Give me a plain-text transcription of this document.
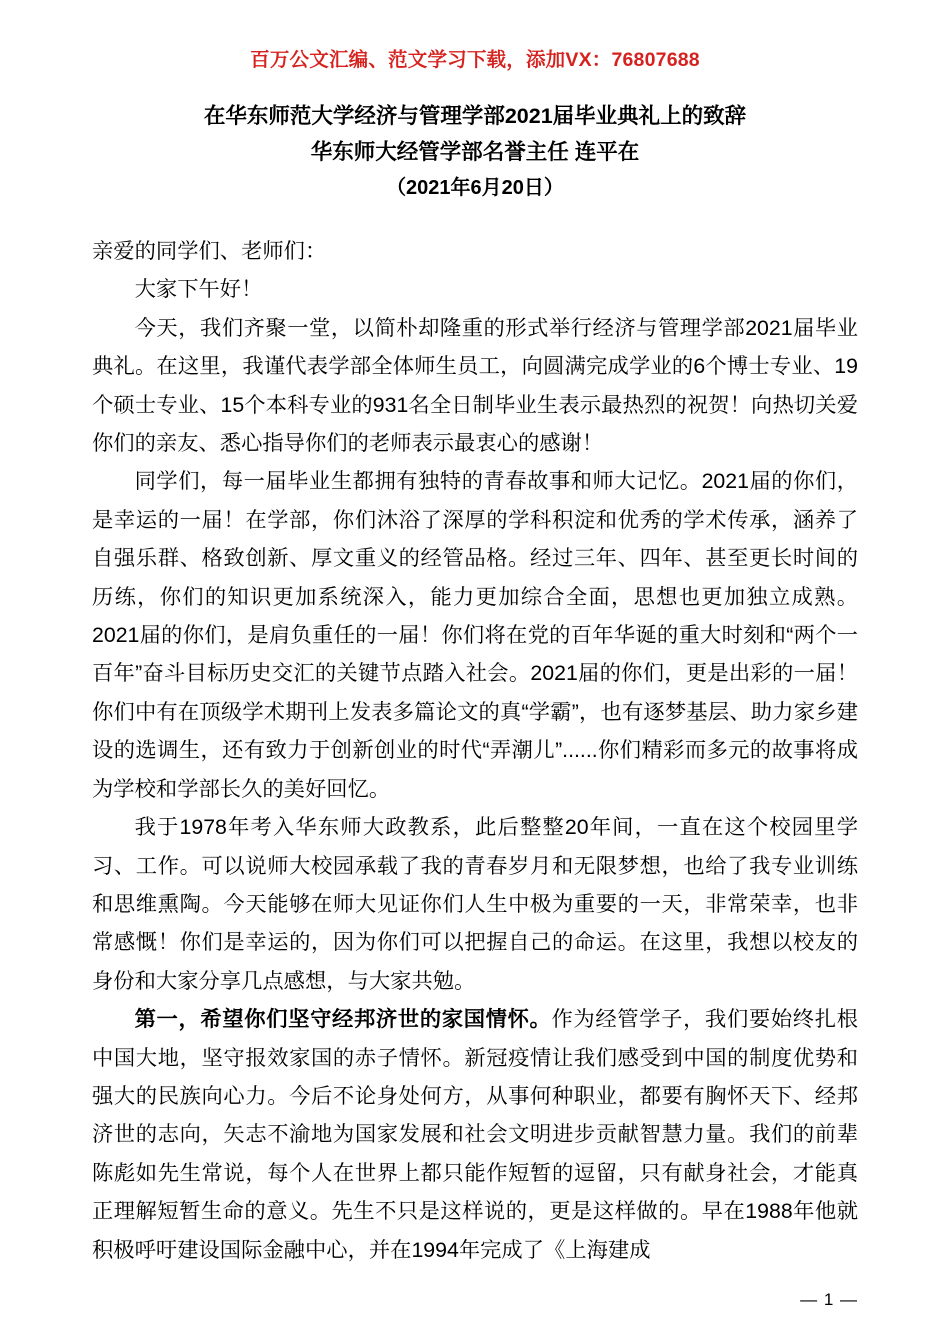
百万公文汇编、范文学习下载，添加VX：76807688
在华东师范大学经济与管理学部2021届毕业典礼上的致辞
华东师大经管学部名誉主任 连平在
（2021年6月20日）

亲爱的同学们、老师们：

大家下午好！

今天，我们齐聚一堂，以简朴却隆重的形式举行经济与管理学部2021届毕业典礼。在这里，我谨代表学部全体师生员工，向圆满完成学业的6个博士专业、19个硕士专业、15个本科专业的931名全日制毕业生表示最热烈的祝贺！向热切关爱你们的亲友、悉心指导你们的老师表示最衷心的感谢！

同学们，每一届毕业生都拥有独特的青春故事和师大记忆。2021届的你们，是幸运的一届！在学部，你们沐浴了深厚的学科积淀和优秀的学术传承，涵养了自强乐群、格致创新、厚文重义的经管品格。经过三年、四年、甚至更长时间的历练，你们的知识更加系统深入，能力更加综合全面，思想也更加独立成熟。2021届的你们，是肩负重任的一届！你们将在党的百年华诞的重大时刻和“两个一百年”奋斗目标历史交汇的关键节点踏入社会。2021届的你们，更是出彩的一届！你们中有在顶级学术期刊上发表多篇论文的真“学霸”，也有逐梦基层、助力家乡建设的选调生，还有致力于创新创业的时代“弄潮儿”......你们精彩而多元的故事将成为学校和学部长久的美好回忆。

我于1978年考入华东师大政教系，此后整整20年间，一直在这个校园里学习、工作。可以说师大校园承载了我的青春岁月和无限梦想，也给了我专业训练和思维熏陶。今天能够在师大见证你们人生中极为重要的一天，非常荣幸，也非常感慨！你们是幸运的，因为你们可以把握自己的命运。在这里，我想以校友的身份和大家分享几点感想，与大家共勉。

第一，希望你们坚守经邦济世的家国情怀。作为经管学子，我们要始终扎根中国大地，坚守报效家国的赤子情怀。新冠疫情让我们感受到中国的制度优势和强大的民族向心力。今后不论身处何方，从事何种职业，都要有胸怀天下、经邦济世的志向，矢志不渝地为国家发展和社会文明进步贡献智慧力量。我们的前辈陈彪如先生常说，每个人在世界上都只能作短暂的逗留，只有献身社会，才能真正理解短暂生命的意义。先生不只是这样说的，更是这样做的。早在1988年他就积极呼吁建设国际金融中心，并在1994年完成了《上海建成

— 1 —
